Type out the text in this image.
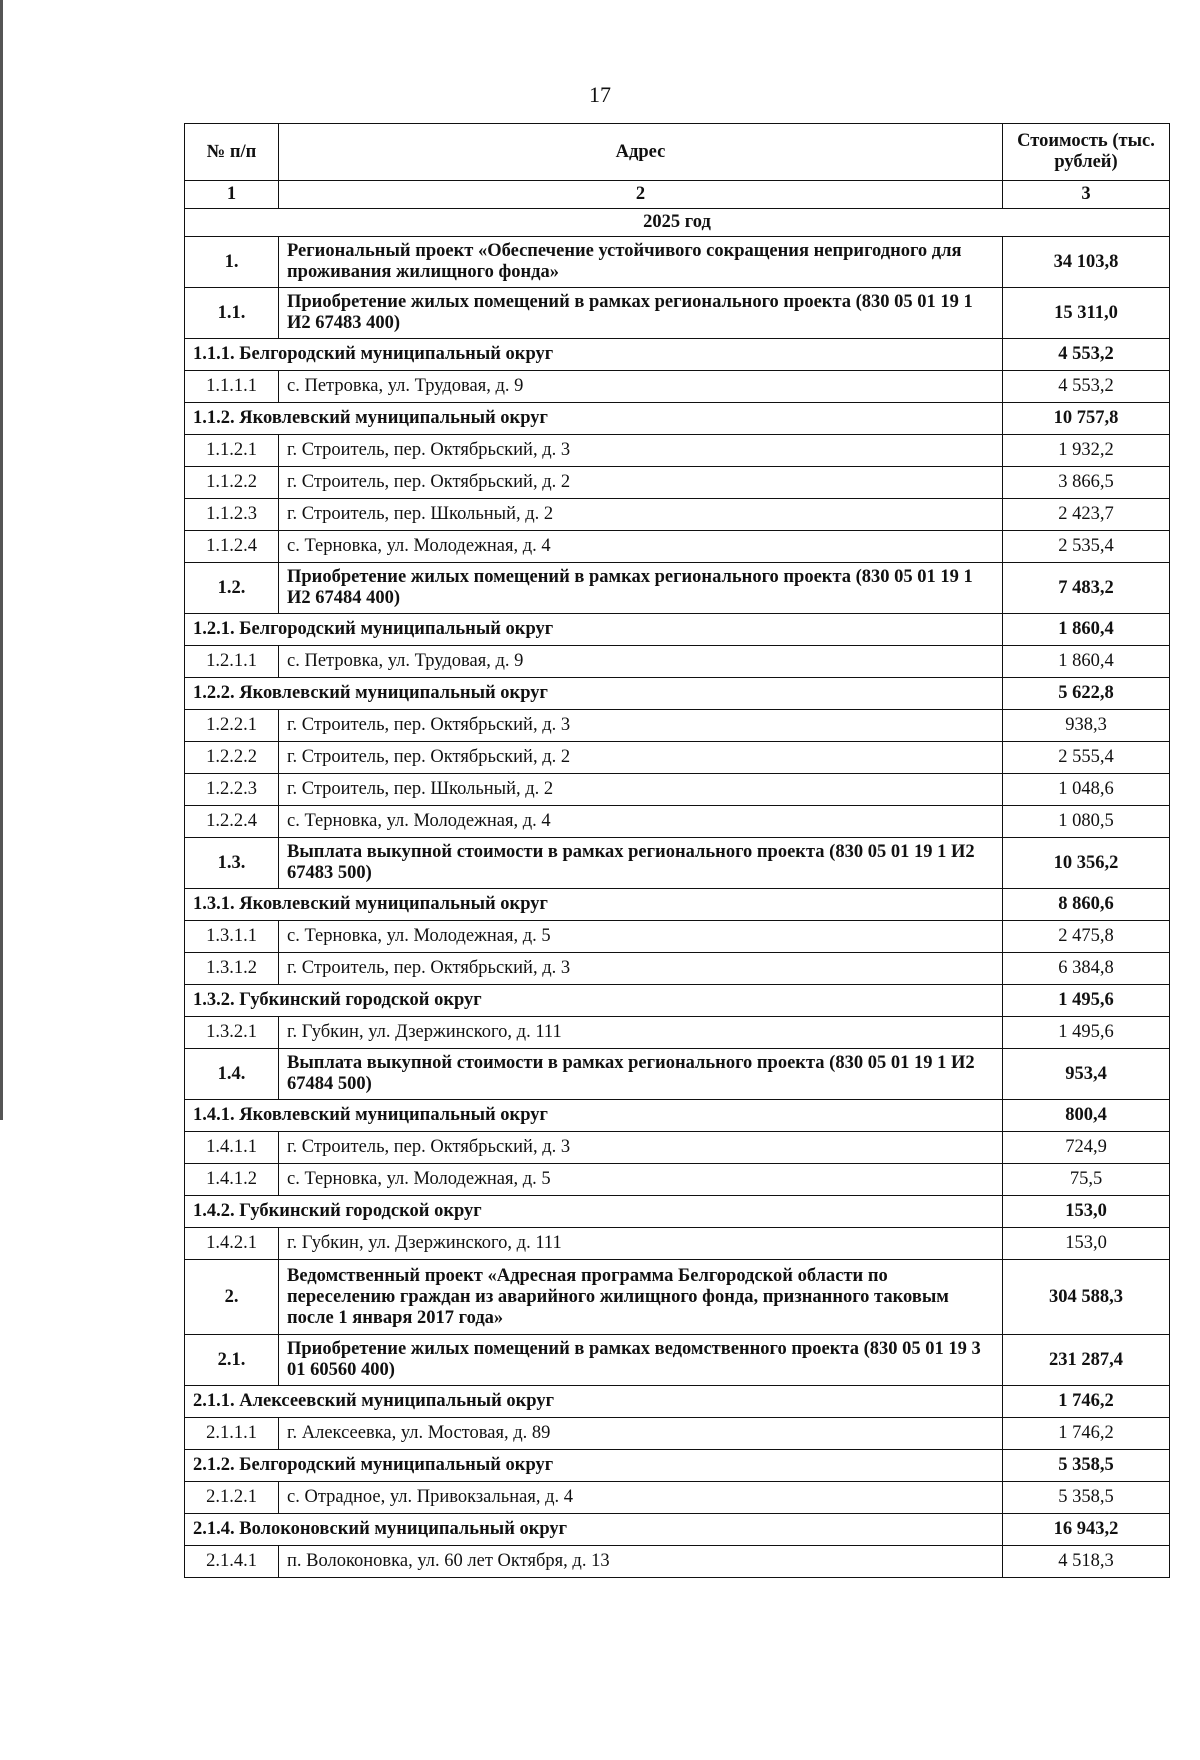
17
№ п/п	Адрес	Стоимость (тыс. рублей)
1	2	3
2025 год		
1.	Региональный проект «Обеспечение устойчивого сокращения непригодного для проживания жилищного фонда»	34 103,8
1.1.	Приобретение жилых помещений в рамках регионального проекта (830 05 01 19 1 И2 67483 400)	15 311,0
1.1.1. Белгородский муниципальный округ		4 553,2
1.1.1.1	с. Петровка, ул. Трудовая, д. 9	4 553,2
1.1.2. Яковлевский муниципальный округ		10 757,8
1.1.2.1	г. Строитель, пер. Октябрьский, д. 3	1 932,2
1.1.2.2	г. Строитель, пер. Октябрьский, д. 2	3 866,5
1.1.2.3	г. Строитель, пер. Школьный, д. 2	2 423,7
1.1.2.4	с. Терновка, ул. Молодежная, д. 4	2 535,4
1.2.	Приобретение жилых помещений в рамках регионального проекта (830 05 01 19 1 И2 67484 400)	7 483,2
1.2.1. Белгородский муниципальный округ		1 860,4
1.2.1.1	с. Петровка, ул. Трудовая, д. 9	1 860,4
1.2.2. Яковлевский муниципальный округ		5 622,8
1.2.2.1	г. Строитель, пер. Октябрьский, д. 3	938,3
1.2.2.2	г. Строитель, пер. Октябрьский, д. 2	2 555,4
1.2.2.3	г. Строитель, пер. Школьный, д. 2	1 048,6
1.2.2.4	с. Терновка, ул. Молодежная, д. 4	1 080,5
1.3.	Выплата выкупной стоимости в рамках регионального проекта (830 05 01 19 1 И2 67483 500)	10 356,2
1.3.1. Яковлевский муниципальный округ		8 860,6
1.3.1.1	с. Терновка, ул. Молодежная, д. 5	2 475,8
1.3.1.2	г. Строитель, пер. Октябрьский, д. 3	6 384,8
1.3.2. Губкинский городской округ		1 495,6
1.3.2.1	г. Губкин, ул. Дзержинского, д. 111	1 495,6
1.4.	Выплата выкупной стоимости в рамках регионального проекта (830 05 01 19 1 И2 67484 500)	953,4
1.4.1. Яковлевский муниципальный округ		800,4
1.4.1.1	г. Строитель, пер. Октябрьский, д. 3	724,9
1.4.1.2	с. Терновка, ул. Молодежная, д. 5	75,5
1.4.2. Губкинский городской округ		153,0
1.4.2.1	г. Губкин, ул. Дзержинского, д. 111	153,0
2.	Ведомственный проект «Адресная программа Белгородской области по переселению граждан из аварийного жилищного фонда, признанного таковым после 1 января 2017 года»	304 588,3
2.1.	Приобретение жилых помещений в рамках ведомственного проекта (830 05 01 19 3 01 60560 400)	231 287,4
2.1.1. Алексеевский муниципальный округ		1 746,2
2.1.1.1	г. Алексеевка, ул. Мостовая, д. 89	1 746,2
2.1.2. Белгородский муниципальный округ		5 358,5
2.1.2.1	с. Отрадное, ул. Привокзальная, д. 4	5 358,5
2.1.4. Волоконовский муниципальный округ		16 943,2
2.1.4.1	п. Волоконовка, ул. 60 лет Октября, д. 13	4 518,3
